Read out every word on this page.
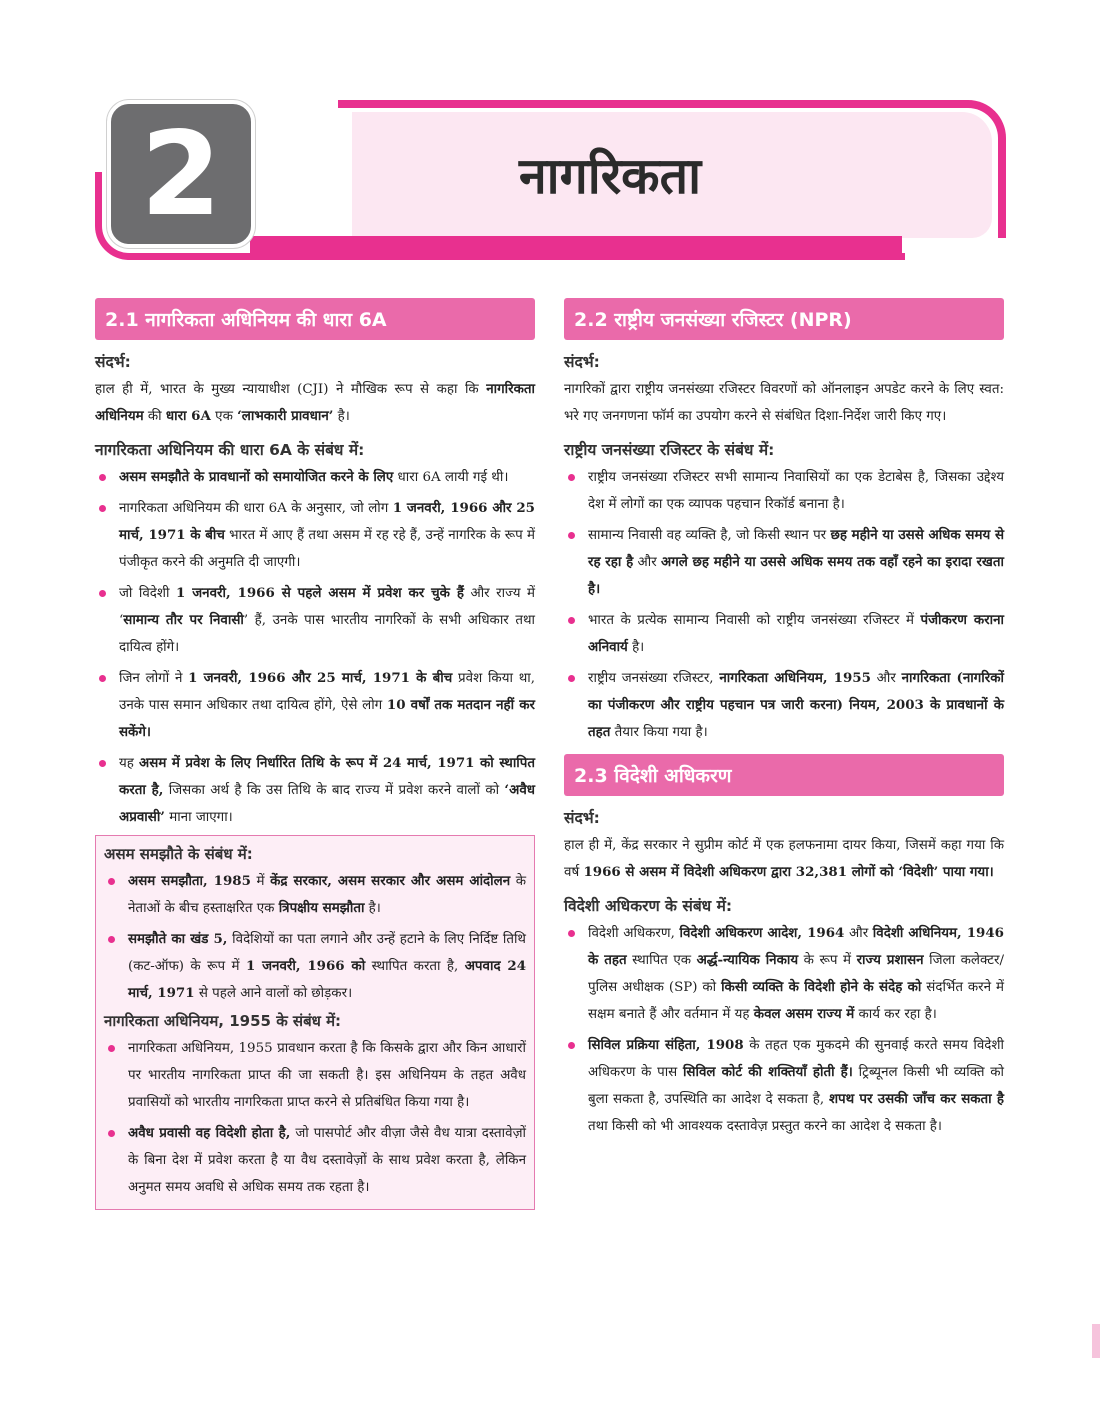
2	नागरिकता
2.1 नागरिकता अधिनियम की धारा 6A
संदर्भ:

हाल ही में, भारत के मुख्य न्यायाधीश (CJI) ने मौखिक रूप से कहा कि नागरिकता अधिनियम की धारा 6A एक ‘लाभकारी प्रावधान’ है।

नागरिकता अधिनियम की धारा 6A के संबंध में:
असम समझौते के प्रावधानों को समायोजित करने के लिए धारा 6A लायी गई थी।
नागरिकता अधिनियम की धारा 6A के अनुसार, जो लोग 1 जनवरी, 1966 और 25 मार्च, 1971 के बीच भारत में आए हैं तथा असम में रह रहे हैं, उन्हें नागरिक के रूप में पंजीकृत करने की अनुमति दी जाएगी।
जो विदेशी 1 जनवरी, 1966 से पहले असम में प्रवेश कर चुके हैं और राज्य में ‘सामान्य तौर पर निवासी’ हैं, उनके पास भारतीय नागरिकों के सभी अधिकार तथा दायित्व होंगे।
जिन लोगों ने 1 जनवरी, 1966 और 25 मार्च, 1971 के बीच प्रवेश किया था, उनके पास समान अधिकार तथा दायित्व होंगे, ऐसे लोग 10 वर्षों तक मतदान नहीं कर सकेंगे।
यह असम में प्रवेश के लिए निर्धारित तिथि के रूप में 24 मार्च, 1971 को स्थापित करता है, जिसका अर्थ है कि उस तिथि के बाद राज्य में प्रवेश करने वालों को ‘अवैध अप्रवासी’ माना जाएगा।
असम समझौते के संबंध में:
असम समझौता, 1985 में केंद्र सरकार, असम सरकार और असम आंदोलन के नेताओं के बीच हस्ताक्षरित एक त्रिपक्षीय समझौता है।
समझौते का खंड 5, विदेशियों का पता लगाने और उन्हें हटाने के लिए निर्दिष्ट तिथि (कट-ऑफ) के रूप में 1 जनवरी, 1966 को स्थापित करता है, अपवाद 24 मार्च, 1971 से पहले आने वालों को छोड़कर।
नागरिकता अधिनियम, 1955 के संबंध में:
नागरिकता अधिनियम, 1955 प्रावधान करता है कि किसके द्वारा और किन आधारों पर भारतीय नागरिकता प्राप्त की जा सकती है। इस अधिनियम के तहत अवैध प्रवासियों को भारतीय नागरिकता प्राप्त करने से प्रतिबंधित किया गया है।
अवैध प्रवासी वह विदेशी होता है, जो पासपोर्ट और वीज़ा जैसे वैध यात्रा दस्तावेज़ों के बिना देश में प्रवेश करता है या वैध दस्तावेज़ों के साथ प्रवेश करता है, लेकिन अनुमत समय अवधि से अधिक समय तक रहता है।
2.2 राष्ट्रीय जनसंख्या रजिस्टर (NPR)
संदर्भ:

नागरिकों द्वारा राष्ट्रीय जनसंख्या रजिस्टर विवरणों को ऑनलाइन अपडेट करने के लिए स्वत: भरे गए जनगणना फॉर्म का उपयोग करने से संबंधित दिशा-निर्देश जारी किए गए।

राष्ट्रीय जनसंख्या रजिस्टर के संबंध में:
राष्ट्रीय जनसंख्या रजिस्टर सभी सामान्य निवासियों का एक डेटाबेस है, जिसका उद्देश्य देश में लोगों का एक व्यापक पहचान रिकॉर्ड बनाना है।
सामान्य निवासी वह व्यक्ति है, जो किसी स्थान पर छह महीने या उससे अधिक समय से रह रहा है और अगले छह महीने या उससे अधिक समय तक वहाँ रहने का इरादा रखता है।
भारत के प्रत्येक सामान्य निवासी को राष्ट्रीय जनसंख्या रजिस्टर में पंजीकरण कराना अनिवार्य है।
राष्ट्रीय जनसंख्या रजिस्टर, नागरिकता अधिनियम, 1955 और नागरिकता (नागरिकों का पंजीकरण और राष्ट्रीय पहचान पत्र जारी करना) नियम, 2003 के प्रावधानों के तहत तैयार किया गया है।
2.3 विदेशी अधिकरण
संदर्भ:

हाल ही में, केंद्र सरकार ने सुप्रीम कोर्ट में एक हलफनामा दायर किया, जिसमें कहा गया कि वर्ष 1966 से असम में विदेशी अधिकरण द्वारा 32,381 लोगों को ‘विदेशी’ पाया गया।

विदेशी अधिकरण के संबंध में:
विदेशी अधिकरण, विदेशी अधिकरण आदेश, 1964 और विदेशी अधिनियम, 1946 के तहत स्थापित एक अर्द्ध-न्यायिक निकाय के रूप में राज्य प्रशासन जिला कलेक्टर/पुलिस अधीक्षक (SP) को किसी व्यक्ति के विदेशी होने के संदेह को संदर्भित करने में सक्षम बनाते हैं और वर्तमान में यह केवल असम राज्य में कार्य कर रहा है।
सिविल प्रक्रिया संहिता, 1908 के तहत एक मुकदमे की सुनवाई करते समय विदेशी अधिकरण के पास सिविल कोर्ट की शक्तियाँ होती हैं। ट्रिब्यूनल किसी भी व्यक्ति को बुला सकता है, उपस्थिति का आदेश दे सकता है, शपथ पर उसकी जाँच कर सकता है तथा किसी को भी आवश्यक दस्तावेज़ प्रस्तुत करने का आदेश दे सकता है।
